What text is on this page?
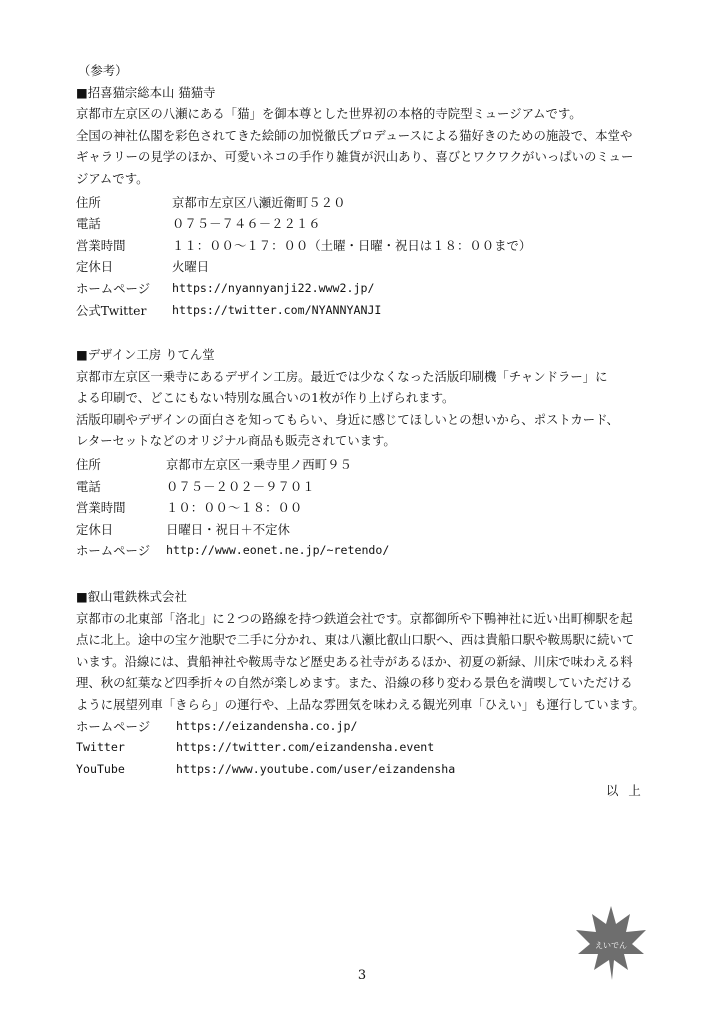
（参考）
■招喜猫宗総本山 猫猫寺
京都市左京区の八瀬にある「猫」を御本尊とした世界初の本格的寺院型ミュージアムです。
全国の神社仏閣を彩色されてきた絵師の加悦徹氏プロデュースによる猫好きのための施設で、本堂や
ギャラリーの見学のほか、可愛いネコの手作り雑貨が沢山あり、喜びとワクワクがいっぱいのミュー
ジアムです。
住所	京都市左京区八瀬近衛町５２０
電話	０７５－７４６－２２１６
営業時間	１１：００～１７：００（土曜・日曜・祝日は１８：００まで）
定休日	火曜日
ホームページ https://nyannyanji22.www2.jp/
公式Twitter https://twitter.com/NYANNYANJI
■デザイン工房 りてん堂
京都市左京区一乗寺にあるデザイン工房。最近では少なくなった活版印刷機「チャンドラー」に
よる印刷で、どこにもない特別な風合いの1枚が作り上げられます。
活版印刷やデザインの面白さを知ってもらい、身近に感じてほしいとの想いから、ポストカード、
レターセットなどのオリジナル商品も販売されています。
住所	京都市左京区一乗寺里ノ西町９５
電話	０７５－２０２－９７０１
営業時間	１０：００～１８：００
定休日	日曜日・祝日＋不定休
ホームページ http://www.eonet.ne.jp/~retendo/
■叡山電鉄株式会社
京都市の北東部「洛北」に２つの路線を持つ鉄道会社です。京都御所や下鴨神社に近い出町柳駅を起
点に北上。途中の宝ケ池駅で二手に分かれ、東は八瀬比叡山口駅へ、西は貴船口駅や鞍馬駅に続いて
います。沿線には、貴船神社や鞍馬寺など歴史ある社寺があるほか、初夏の新緑、川床で味わえる料
理、秋の紅葉など四季折々の自然が楽しめます。また、沿線の移り変わる景色を満喫していただける
ように展望列車「きらら」の運行や、上品な雰囲気を味わえる観光列車「ひえい」も運行しています。
ホームページ https://eizandensha.co.jp/
Twitter	https://twitter.com/eizandensha.event
YouTube	https://www.youtube.com/user/eizandensha
以上
えいでん
3
